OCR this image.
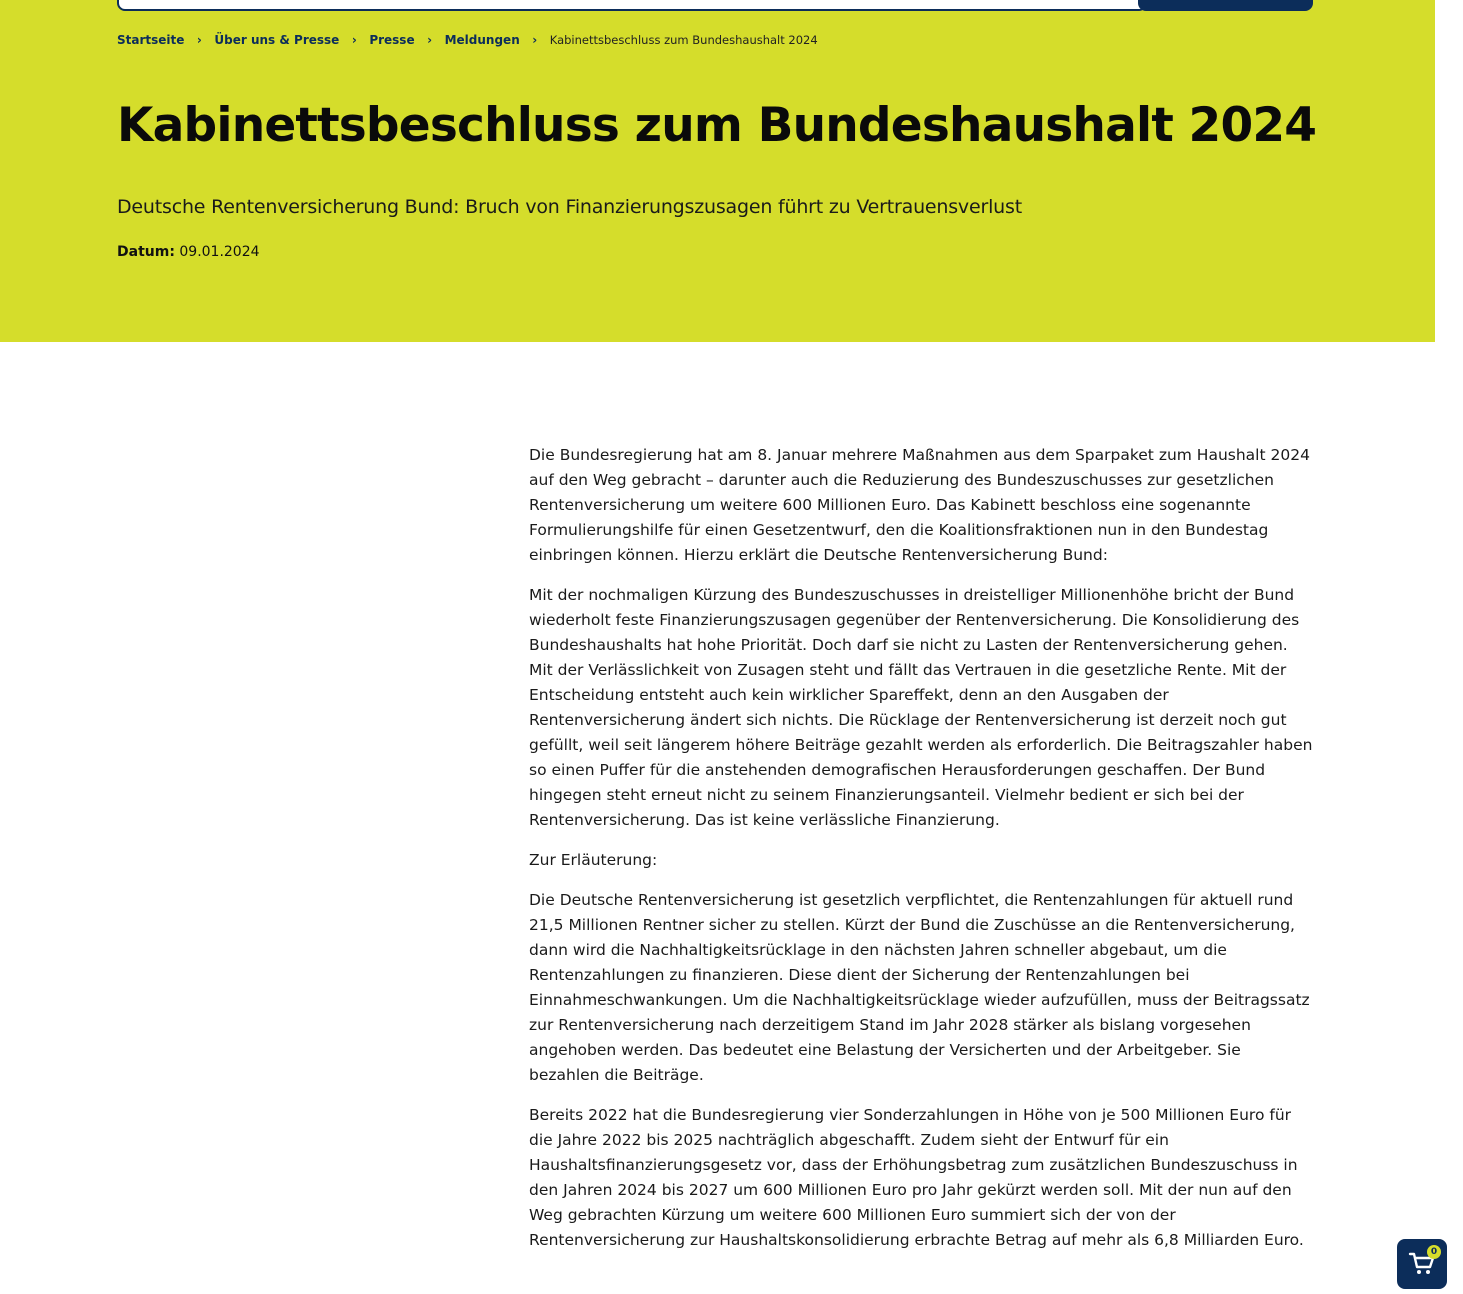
Startseite	›	Über uns & Presse	›	Presse	›	Meldungen	›	Kabinettsbeschluss zum Bundeshaushalt 2024
Kabinettsbeschluss zum Bundeshaushalt 2024

Deutsche Rentenversicherung Bund: Bruch von Finanzierungszusagen führt zu Vertrauensverlust

Datum: 09.01.2024

Die Bundesregierung hat am 8. Januar mehrere Maßnahmen aus dem Sparpaket zum Haushalt 2024 auf den Weg gebracht – darunter auch die Reduzierung des Bundeszuschusses zur gesetzlichen Rentenversicherung um weitere 600 Millionen Euro. Das Kabinett beschloss eine sogenannte Formulierungshilfe für einen Gesetzentwurf, den die Koalitionsfraktionen nun in den Bundestag einbringen können. Hierzu erklärt die Deutsche Rentenversicherung Bund:

Mit der nochmaligen Kürzung des Bundeszuschusses in dreistelliger Millionenhöhe bricht der Bund wiederholt feste Finanzierungszusagen gegenüber der Rentenversicherung. Die Konsolidierung des Bundeshaushalts hat hohe Priorität. Doch darf sie nicht zu Lasten der Rentenversicherung gehen. Mit der Verlässlichkeit von Zusagen steht und fällt das Vertrauen in die gesetzliche Rente. Mit der Entscheidung entsteht auch kein wirklicher Spareffekt, denn an den Ausgaben der Rentenversicherung ändert sich nichts. Die Rücklage der Rentenversicherung ist derzeit noch gut gefüllt, weil seit längerem höhere Beiträge gezahlt werden als erforderlich. Die Beitragszahler haben so einen Puffer für die anstehenden demografischen Herausforderungen geschaffen. Der Bund hingegen steht erneut nicht zu seinem Finanzierungsanteil. Vielmehr bedient er sich bei der Rentenversicherung. Das ist keine verlässliche Finanzierung.

Zur Erläuterung:

Die Deutsche Rentenversicherung ist gesetzlich verpflichtet, die Rentenzahlungen für aktuell rund 21,5 Millionen Rentner sicher zu stellen. Kürzt der Bund die Zuschüsse an die Rentenversicherung, dann wird die Nachhaltigkeitsrücklage in den nächsten Jahren schneller abgebaut, um die Rentenzahlungen zu finanzieren. Diese dient der Sicherung der Rentenzahlungen bei Einnahmeschwankungen. Um die Nachhaltigkeitsrücklage wieder aufzufüllen, muss der Beitragssatz zur Rentenversicherung nach derzeitigem Stand im Jahr 2028 stärker als bislang vorgesehen angehoben werden. Das bedeutet eine Belastung der Versicherten und der Arbeitgeber. Sie bezahlen die Beiträge.

Bereits 2022 hat die Bundesregierung vier Sonderzahlungen in Höhe von je 500 Millionen Euro für die Jahre 2022 bis 2025 nachträglich abgeschafft. Zudem sieht der Entwurf für ein Haushaltsfinanzierungsgesetz vor, dass der Erhöhungsbetrag zum zusätzlichen Bundeszuschuss in den Jahren 2024 bis 2027 um 600 Millionen Euro pro Jahr gekürzt werden soll. Mit der nun auf den Weg gebrachten Kürzung um weitere 600 Millionen Euro summiert sich der von der Rentenversicherung zur Haushaltskonsolidierung erbrachte Betrag auf mehr als 6,8 Milliarden Euro.

0
